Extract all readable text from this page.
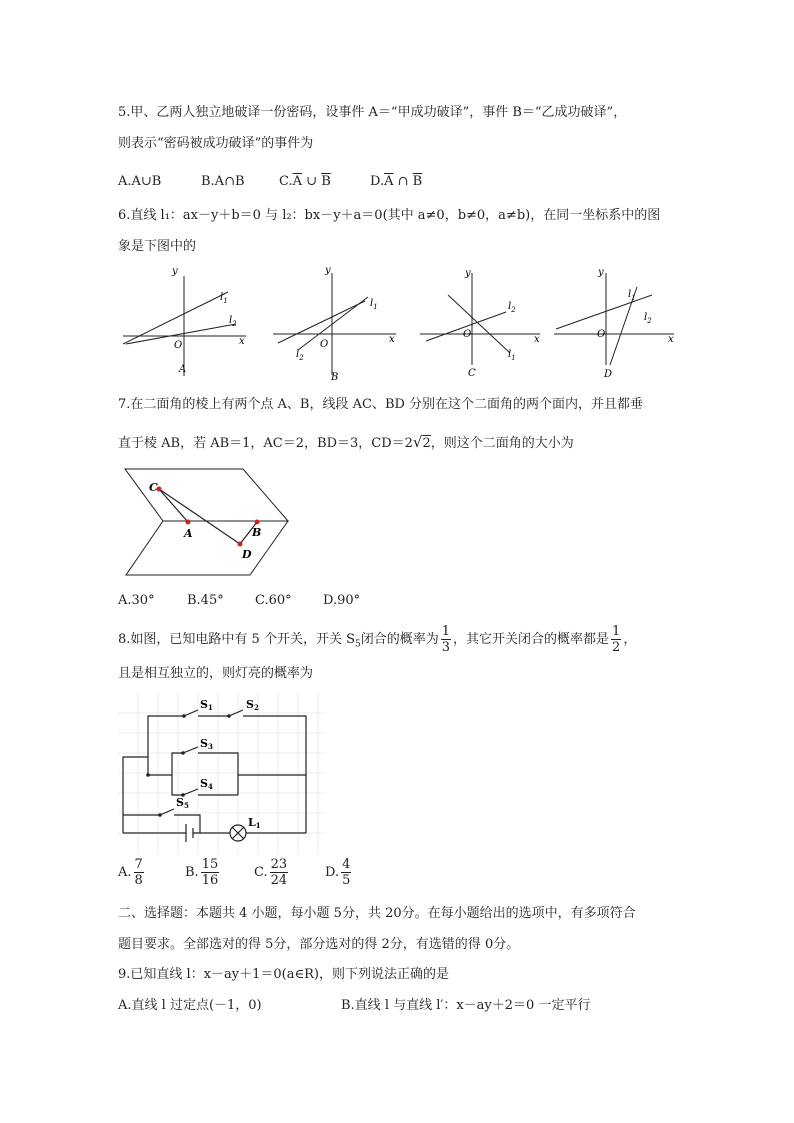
5.甲、乙两人独立地破译一份密码，设事件 A＝“甲成功破译”，事件 B＝“乙成功破译”，
则表示“密码被成功破译”的事件为
A.A∪B	B.A∩B	$C.\overline{A}$ ∪ $\overline{B}$	$D.\overline{A}$ ∩ $\overline{B}$
6.直线 l₁：ax－y＋b＝0 与 l₂：bx－y＋a＝0(其中 a≠0，b≠0，a≠b)，在同一坐标系中的图
象是下图中的
y
x
O
$l_1$
$l_2$
A
y
x
O
$l_1$
$l_2$
B
y
x
O
$l_1$
$l_2$
C
y
x
O
$l_1$
$l_2$
D
7.在二面角的棱上有两个点 A、B，线段 AC、BD 分别在这个二面角的两个面内，并且都垂
直于棱 AB，若 AB＝1，AC＝2，BD＝3，CD＝2√2，则这个二面角的大小为
C
A	B
D
A.30° B.45° C.60° D.90°
8.如图，已知电路中有 5 个开关，开关 $S_5$闭合的概率为 $\frac{1}{3}$ ，其它开关闭合的概率都是 $\frac{1}{2}$ ，
且是相互独立的，则灯亮的概率为
S1	S2
S3
S4
S5
L1
A. $\frac{7}{8}$	B. $\frac{15}{16}$	C. $\frac{23}{24}$	D. $\frac{4}{5}$
二、选择题：本题共 4 小题，每小题 5分，共 20分。在每小题给出的选项中，有多项符合
题目要求。全部选对的得 5分，部分选对的得 2分，有选错的得 0分。
9.已知直线 l：x－ay＋1＝0(a∈R)，则下列说法正确的是
A.直线 l 过定点(－1，0)	B.直线 l 与直线 l′：x－ay＋2＝0 一定平行
